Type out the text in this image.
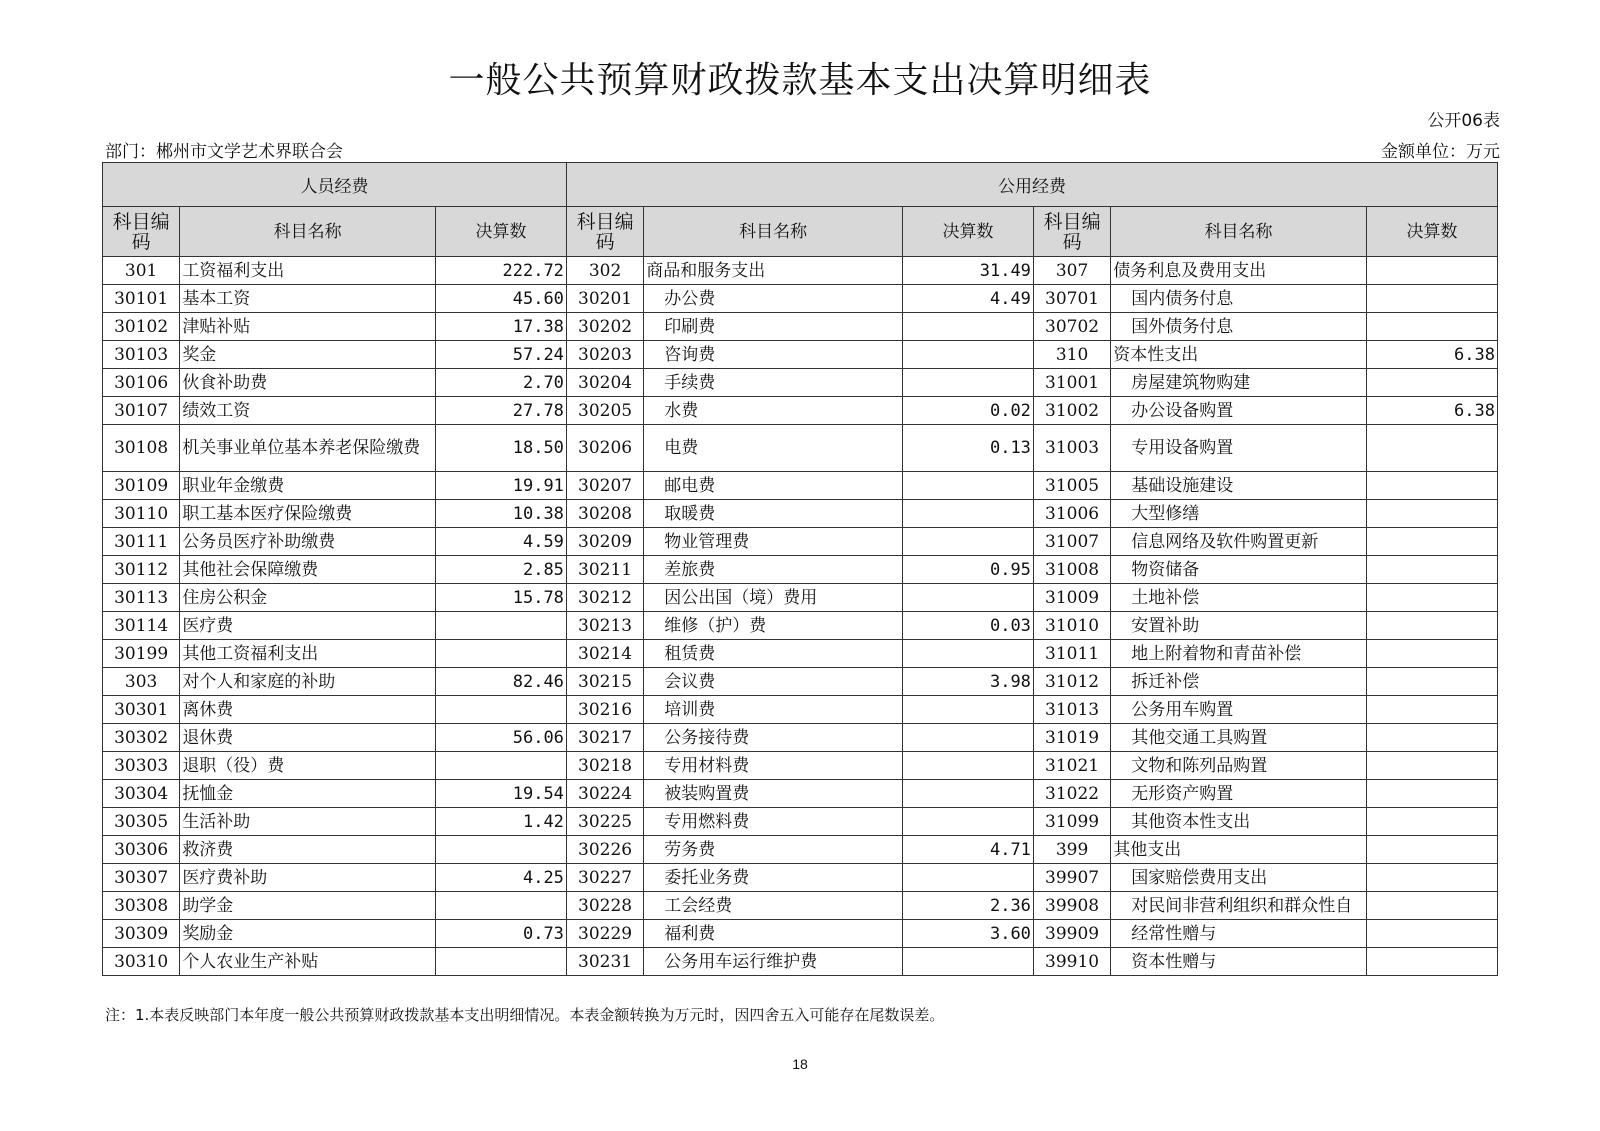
一般公共预算财政拨款基本支出决算明细表
公开06表
部门：郴州市文学艺术界联合会	金额单位：万元
人员经费			公用经费					
科目编码	科目名称	决算数	科目编码	科目名称	决算数	科目编码	科目名称	决算数
301	工资福利支出	222.72	302	商品和服务支出	31.49	307	债务利息及费用支出	
30101	基本工资	45.60	30201	办公费	4.49	30701	国内债务付息	
30102	津贴补贴	17.38	30202	印刷费		30702	国外债务付息	
30103	奖金	57.24	30203	咨询费		310	资本性支出	6.38
30106	伙食补助费	2.70	30204	手续费		31001	房屋建筑物购建	
30107	绩效工资	27.78	30205	水费	0.02	31002	办公设备购置	6.38
30108	机关事业单位基本养老保险缴费	18.50	30206	电费	0.13	31003	专用设备购置	
30109	职业年金缴费	19.91	30207	邮电费		31005	基础设施建设	
30110	职工基本医疗保险缴费	10.38	30208	取暖费		31006	大型修缮	
30111	公务员医疗补助缴费	4.59	30209	物业管理费		31007	信息网络及软件购置更新	
30112	其他社会保障缴费	2.85	30211	差旅费	0.95	31008	物资储备	
30113	住房公积金	15.78	30212	因公出国（境）费用		31009	土地补偿	
30114	医疗费		30213	维修（护）费	0.03	31010	安置补助	
30199	其他工资福利支出		30214	租赁费		31011	地上附着物和青苗补偿	
303	对个人和家庭的补助	82.46	30215	会议费	3.98	31012	拆迁补偿	
30301	离休费		30216	培训费		31013	公务用车购置	
30302	退休费	56.06	30217	公务接待费		31019	其他交通工具购置	
30303	退职（役）费		30218	专用材料费		31021	文物和陈列品购置	
30304	抚恤金	19.54	30224	被装购置费		31022	无形资产购置	
30305	生活补助	1.42	30225	专用燃料费		31099	其他资本性支出	
30306	救济费		30226	劳务费	4.71	399	其他支出	
30307	医疗费补助	4.25	30227	委托业务费		39907	国家赔偿费用支出	
30308	助学金		30228	工会经费	2.36	39908	对民间非营利组织和群众性自	
30309	奖励金	0.73	30229	福利费	3.60	39909	经常性赠与	
30310	个人农业生产补贴		30231	公务用车运行维护费		39910	资本性赠与	
注：1.本表反映部门本年度一般公共预算财政拨款基本支出明细情况。本表金额转换为万元时，因四舍五入可能存在尾数误差。
18
